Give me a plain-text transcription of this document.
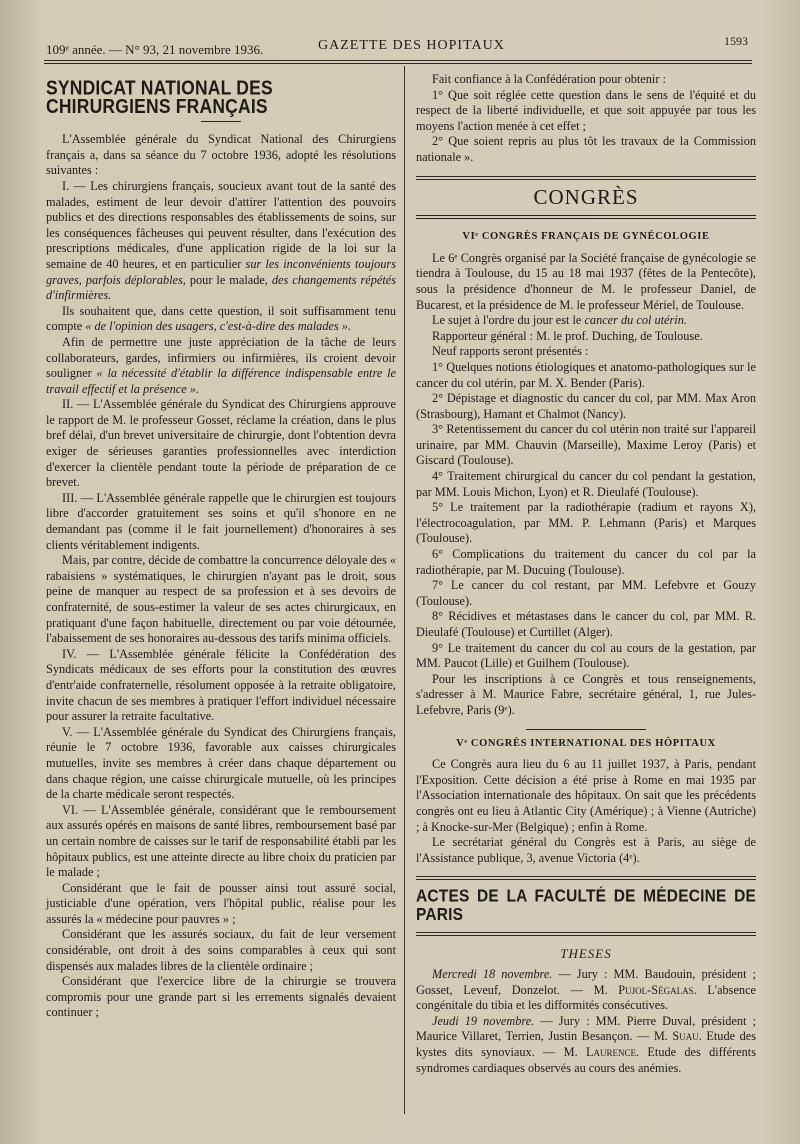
109ᵉ année. — N° 93, 21 novembre 1936.	GAZETTE DES HOPITAUX	1593
SYNDICAT NATIONAL DES CHIRURGIENS FRANÇAIS

L'Assemblée générale du Syndicat National des Chirurgiens français a, dans sa séance du 7 octobre 1936, adopté les résolutions suivantes :

I. — Les chirurgiens français, soucieux avant tout de la santé des malades, estiment de leur devoir d'attirer l'attention des pouvoirs publics et des directions responsables des établissements de soins, sur les conséquences fâcheuses qui peuvent résulter, dans l'exécution des prescriptions médicales, d'une application rigide de la loi sur la semaine de 40 heures, et en particulier sur les inconvénients toujours graves, parfois déplorables, pour le malade, des changements répétés d'infirmières.

Ils souhaitent que, dans cette question, il soit suffisamment tenu compte « de l'opinion des usagers, c'est-à-dire des malades ».

Afin de permettre une juste appréciation de la tâche de leurs collaborateurs, gardes, infirmiers ou infirmières, ils croient devoir souligner « la nécessité d'établir la différence indispensable entre le travail effectif et la présence ».

II. — L'Assemblée générale du Syndicat des Chirurgiens approuve le rapport de M. le professeur Gosset, réclame la création, dans le plus bref délai, d'un brevet universitaire de chirurgie, dont l'obtention devra exiger de sérieuses garanties professionnelles avec interdiction d'exercer la clientèle pendant toute la période de préparation de ce brevet.

III. — L'Assemblée générale rappelle que le chirurgien est toujours libre d'accorder gratuitement ses soins et qu'il s'honore en ne demandant pas (comme il le fait journellement) d'honoraires à ses clients véritablement indigents.

Mais, par contre, décide de combattre la concurrence déloyale des « rabaisiens » systématiques, le chirurgien n'ayant pas le droit, sous peine de manquer au respect de sa profession et à ses devoirs de confraternité, de sous-estimer la valeur de ses actes chirurgicaux, en pratiquant d'une façon habituelle, directement ou par voie détournée, l'abaissement de ses honoraires au-dessous des tarifs minima officiels.

IV. — L'Assemblée générale félicite la Confédération des Syndicats médicaux de ses efforts pour la constitution des œuvres d'entr'aide confraternelle, résolument opposée à la retraite obligatoire, invite chacun de ses membres à pratiquer l'effort individuel nécessaire pour assurer la retraite facultative.

V. — L'Assemblée générale du Syndicat des Chirurgiens français, réunie le 7 octobre 1936, favorable aux caisses chirurgicales mutuelles, invite ses membres à créer dans chaque département ou dans chaque région, une caisse chirurgicale mutuelle, où les principes de la charte médicale seront respectés.

VI. — L'Assemblée générale, considérant que le remboursement aux assurés opérés en maisons de santé libres, remboursement basé par un certain nombre de caisses sur le tarif de responsabilité établi par les hôpitaux publics, est une atteinte directe au libre choix du praticien par le malade ;

Considérant que le fait de pousser ainsi tout assuré social, justiciable d'une opération, vers l'hôpital public, réalise pour les assurés la « médecine pour pauvres » ;

Considérant que les assurés sociaux, du fait de leur versement considérable, ont droit à des soins comparables à ceux qui sont dispensés aux malades libres de la clientèle ordinaire ;

Considérant que l'exercice libre de la chirurgie se trouvera compromis pour une grande part si les errements signalés devaient continuer ;

Fait confiance à la Confédération pour obtenir :

1° Que soit réglée cette question dans le sens de l'équité et du respect de la liberté individuelle, et que soit appuyée par tous les moyens l'action menée à cet effet ;

2° Que soient repris au plus tôt les travaux de la Commission nationale ».

CONGRÈS
VIᵉ CONGRÈS FRANÇAIS DE GYNÉCOLOGIE

Le 6ᵉ Congrès organisé par la Société française de gynécologie se tiendra à Toulouse, du 15 au 18 mai 1937 (fêtes de la Pentecôte), sous la présidence d'honneur de M. le professeur Daniel, de Bucarest, et la présidence de M. le professeur Mériel, de Toulouse.

Le sujet à l'ordre du jour est le cancer du col utérin.

Rapporteur général : M. le prof. Duching, de Toulouse.

Neuf rapports seront présentés :

1° Quelques notions étiologiques et anatomo-pathologiques sur le cancer du col utérin, par M. X. Bender (Paris).

2° Dépistage et diagnostic du cancer du col, par MM. Max Aron (Strasbourg), Hamant et Chalmot (Nancy).

3° Retentissement du cancer du col utérin non traité sur l'appareil urinaire, par MM. Chauvin (Marseille), Maxime Leroy (Paris) et Giscard (Toulouse).

4° Traitement chirurgical du cancer du col pendant la gestation, par MM. Louis Michon, Lyon) et R. Dieulafé (Toulouse).

5° Le traitement par la radiothérapie (radium et rayons X), l'électrocoagulation, par MM. P. Lehmann (Paris) et Marques (Toulouse).

6° Complications du traitement du cancer du col par la radiothérapie, par M. Ducuing (Toulouse).

7° Le cancer du col restant, par MM. Lefebvre et Gouzy (Toulouse).

8° Récidives et métastases dans le cancer du col, par MM. R. Dieulafé (Toulouse) et Curtillet (Alger).

9° Le traitement du cancer du col au cours de la gestation, par MM. Paucot (Lille) et Guilhem (Toulouse).

Pour les inscriptions à ce Congrès et tous renseignements, s'adresser à M. Maurice Fabre, secrétaire général, 1, rue Jules-Lefebvre, Paris (9ᵉ).

Vᵉ CONGRÈS INTERNATIONAL DES HÔPITAUX

Ce Congrès aura lieu du 6 au 11 juillet 1937, à Paris, pendant l'Exposition. Cette décision a été prise à Rome en mai 1935 par l'Association internationale des hôpitaux. On sait que les précédents congrès ont eu lieu à Atlantic City (Amérique) ; à Vienne (Autriche) ; à Knocke-sur-Mer (Belgique) ; enfin à Rome.

Le secrétariat général du Congrès est à Paris, au siège de l'Assistance publique, 3, avenue Victoria (4ᵉ).

ACTES DE LA FACULTÉ DE MÉDECINE DE PARIS
THESES

Mercredi 18 novembre. — Jury : MM. Baudouin, président ; Gosset, Leveuf, Donzelot. — M. Pujol-Ségalas. L'absence congénitale du tibia et les difformités consécutives.

Jeudi 19 novembre. — Jury : MM. Pierre Duval, président ; Maurice Villaret, Terrien, Justin Besançon. — M. Suau. Etude des kystes dits synoviaux. — M. Laurence. Etude des différents syndromes cardiaques observés au cours des anémies.
